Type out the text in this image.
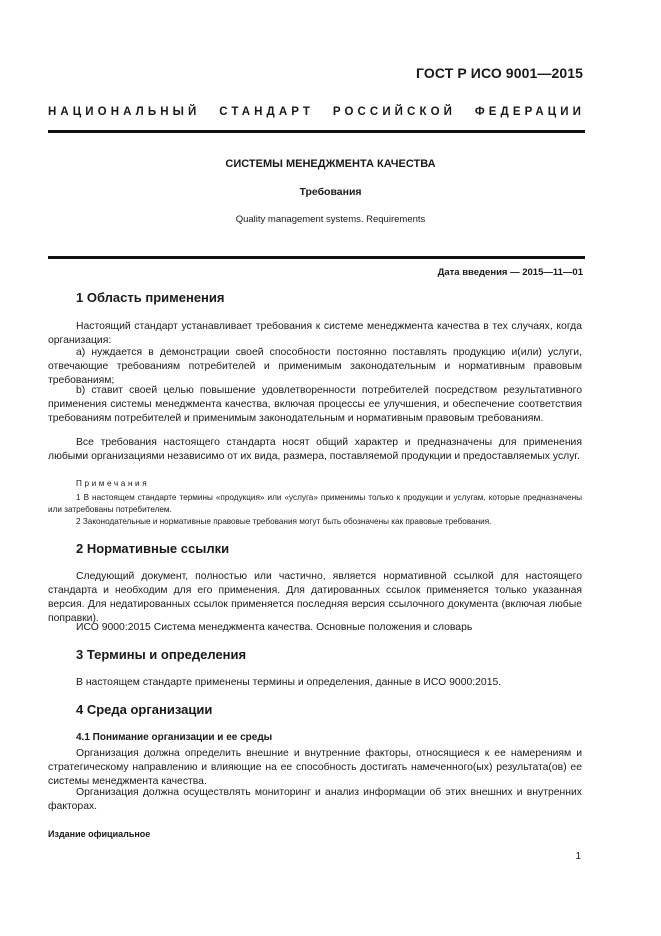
ГОСТ Р ИСО 9001—2015
НАЦИОНАЛЬНЫЙ СТАНДАРТ РОССИЙСКОЙ ФЕДЕРАЦИИ
СИСТЕМЫ МЕНЕДЖМЕНТА КАЧЕСТВА
Требования
Quality management systems. Requirements
Дата введения — 2015—11—01
1 Область применения
Настоящий стандарт устанавливает требования к системе менеджмента качества в тех случаях, когда организация:
а) нуждается в демонстрации своей способности постоянно поставлять продукцию и(или) услуги, отвечающие требованиям потребителей и применимым законодательным и нормативным правовым требованиям;
b) ставит своей целью повышение удовлетворенности потребителей посредством результативного применения системы менеджмента качества, включая процессы ее улучшения, и обеспечение соответствия требованиям потребителей и применимым законодательным и нормативным правовым требованиям.
Все требования настоящего стандарта носят общий характер и предназначены для применения любыми организациями независимо от их вида, размера, поставляемой продукции и предоставляемых услуг.
Примечания
1 В настоящем стандарте термины «продукция» или «услуга» применимы только к продукции и услугам, которые предназначены или затребованы потребителем.
2 Законодательные и нормативные правовые требования могут быть обозначены как правовые требования.
2 Нормативные ссылки
Следующий документ, полностью или частично, является нормативной ссылкой для настоящего стандарта и необходим для его применения. Для датированных ссылок применяется только указанная версия. Для недатированных ссылок применяется последняя версия ссылочного документа (включая любые поправки).
ИСО 9000:2015 Система менеджмента качества. Основные положения и словарь
3 Термины и определения
В настоящем стандарте применены термины и определения, данные в ИСО 9000:2015.
4 Среда организации
4.1 Понимание организации и ее среды
Организация должна определить внешние и внутренние факторы, относящиеся к ее намерениям и стратегическому направлению и влияющие на ее способность достигать намеченного(ых) результата(ов) ее системы менеджмента качества.
Организация должна осуществлять мониторинг и анализ информации об этих внешних и внутренних факторах.
Издание официальное
1
